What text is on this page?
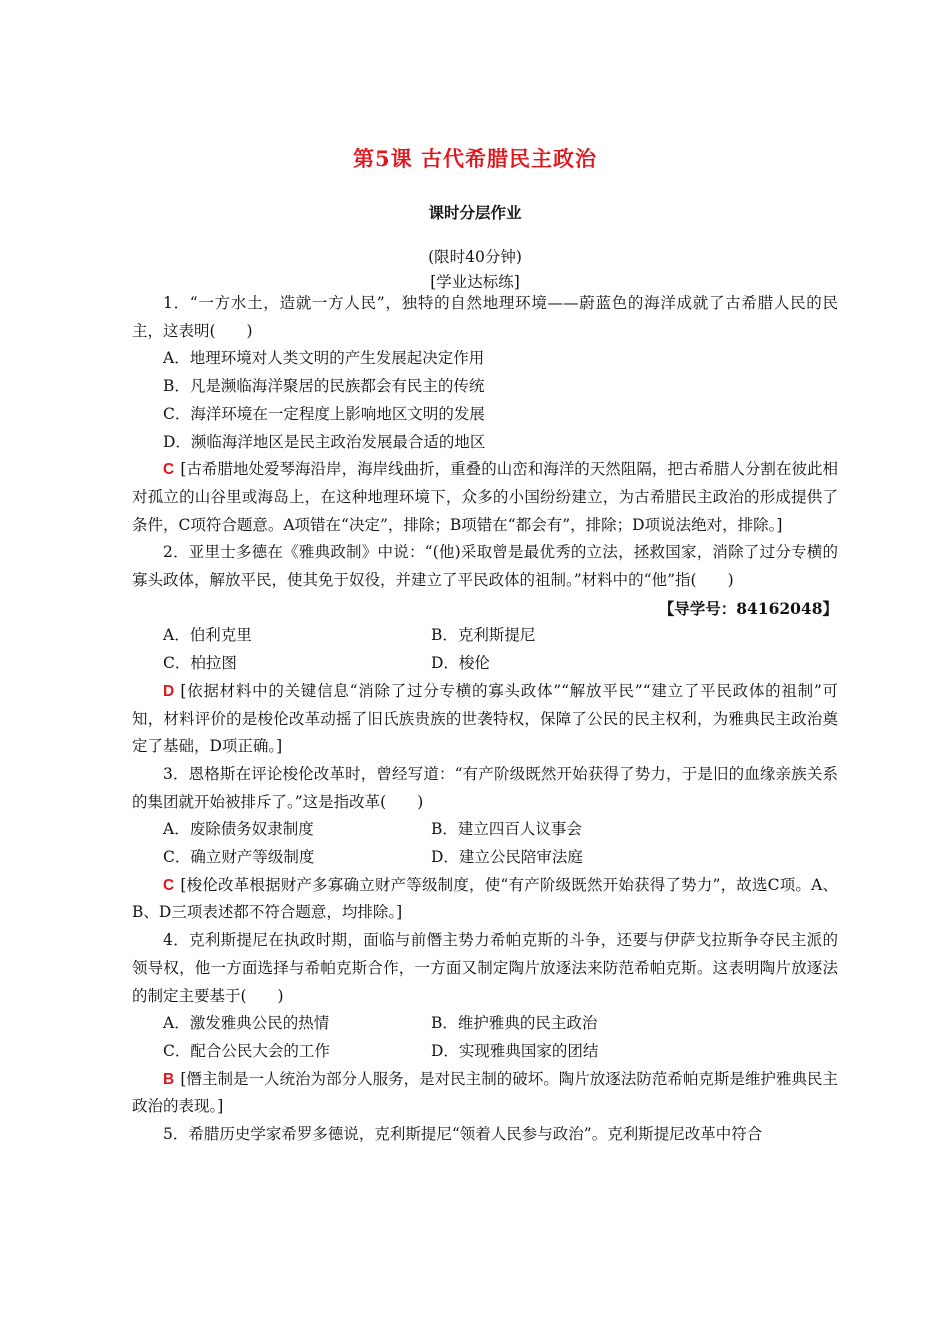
第5课 古代希腊民主政治
课时分层作业
(限时40分钟)
[学业达标练]

1．“一方水土，造就一方人民”，独特的自然地理环境——蔚蓝色的海洋成就了古希腊人民的民主，这表明(　　)

A．地理环境对人类文明的产生发展起决定作用

B．凡是濒临海洋聚居的民族都会有民主的传统

C．海洋环境在一定程度上影响地区文明的发展

D．濒临海洋地区是民主政治发展最合适的地区

C [古希腊地处爱琴海沿岸，海岸线曲折，重叠的山峦和海洋的天然阻隔，把古希腊人分割在彼此相对孤立的山谷里或海岛上，在这种地理环境下，众多的小国纷纷建立，为古希腊民主政治的形成提供了条件，C项符合题意。A项错在“决定”，排除；B项错在“都会有”，排除；D项说法绝对，排除。]

2．亚里士多德在《雅典政制》中说：“(他)采取曾是最优秀的立法，拯救国家，消除了过分专横的寡头政体，解放平民，使其免于奴役，并建立了平民政体的祖制。”材料中的“他”指(　　)

【导学号：84162048】

A．伯利克里	B．克利斯提尼
C．柏拉图	D．梭伦

D [依据材料中的关键信息“消除了过分专横的寡头政体”“解放平民”“建立了平民政体的祖制”可知，材料评价的是梭伦改革动摇了旧氏族贵族的世袭特权，保障了公民的民主权利，为雅典民主政治奠定了基础，D项正确。]

3．恩格斯在评论梭伦改革时，曾经写道：“有产阶级既然开始获得了势力，于是旧的血缘亲族关系的集团就开始被排斥了。”这是指改革(　　)

A．废除债务奴隶制度	B．建立四百人议事会
C．确立财产等级制度	D．建立公民陪审法庭

C [梭伦改革根据财产多寡确立财产等级制度，使“有产阶级既然开始获得了势力”，故选C项。A、B、D三项表述都不符合题意，均排除。]

4．克利斯提尼在执政时期，面临与前僭主势力希帕克斯的斗争，还要与伊萨戈拉斯争夺民主派的领导权，他一方面选择与希帕克斯合作，一方面又制定陶片放逐法来防范希帕克斯。这表明陶片放逐法的制定主要基于(　　)

A．激发雅典公民的热情	B．维护雅典的民主政治
C．配合公民大会的工作	D．实现雅典国家的团结

B [僭主制是一人统治为部分人服务，是对民主制的破坏。陶片放逐法防范希帕克斯是维护雅典民主政治的表现。]

5．希腊历史学家希罗多德说，克利斯提尼“领着人民参与政治”。克利斯提尼改革中符合
